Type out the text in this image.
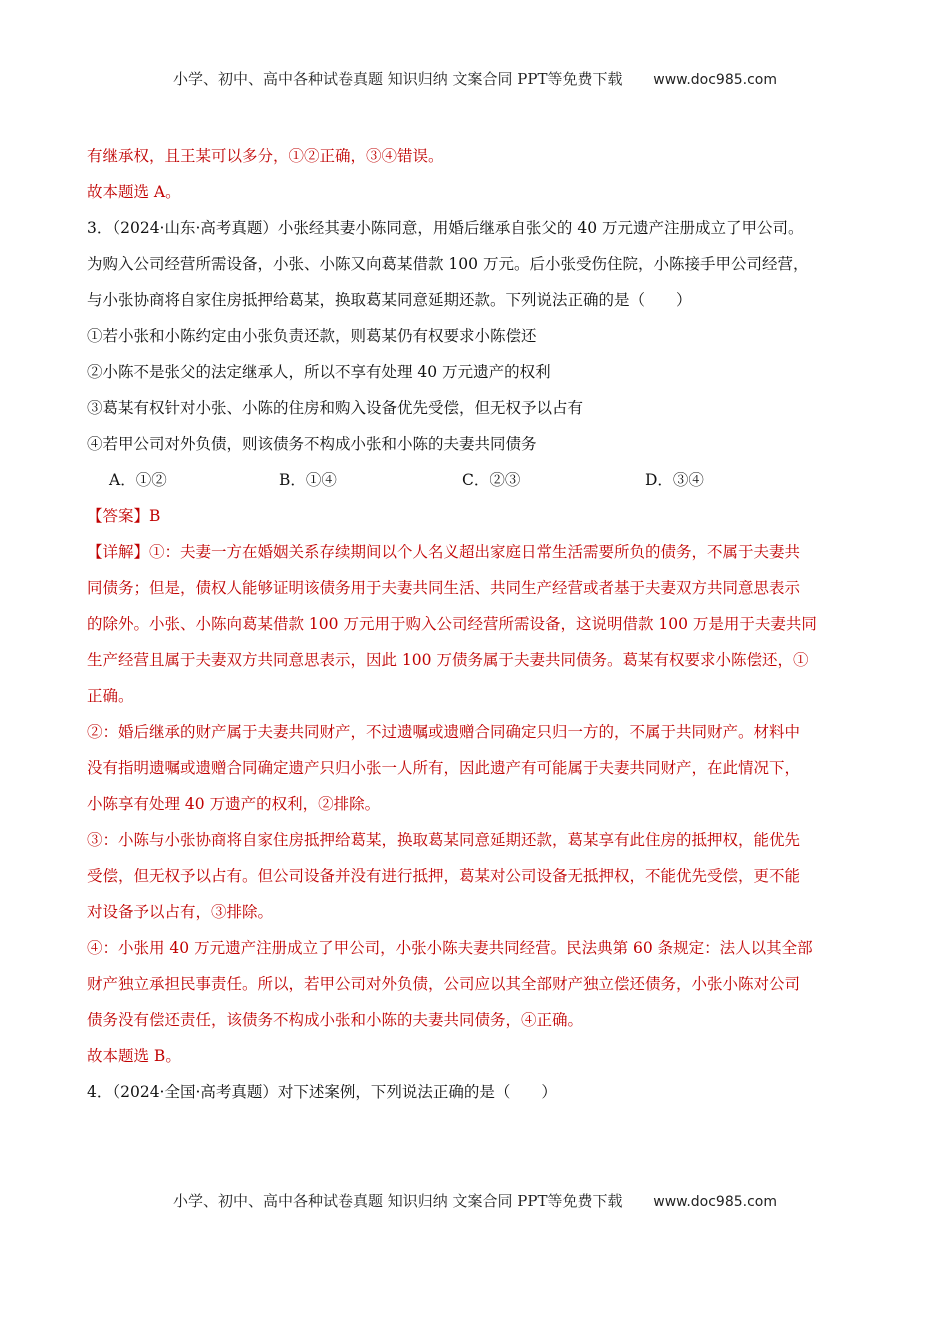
小学、初中、高中各种试卷真题 知识归纳 文案合同 PPT等免费下载 www.doc985.com

有继承权，且王某可以多分，①②正确，③④错误。

故本题选 A。

3．（2024·山东·高考真题）小张经其妻小陈同意，用婚后继承自张父的 40 万元遗产注册成立了甲公司。

为购入公司经营所需设备，小张、小陈又向葛某借款 100 万元。后小张受伤住院，小陈接手甲公司经营，

与小张协商将自家住房抵押给葛某，换取葛某同意延期还款。下列说法正确的是（　　）

①若小张和小陈约定由小张负责还款，则葛某仍有权要求小陈偿还

②小陈不是张父的法定继承人，所以不享有处理 40 万元遗产的权利

③葛某有权针对小张、小陈的住房和购入设备优先受偿，但无权予以占有

④若甲公司对外负债，则该债务不构成小张和小陈的夫妻共同债务

A．①②	B．①④	C．②③	D．③④

【答案】B

【详解】①：夫妻一方在婚姻关系存续期间以个人名义超出家庭日常生活需要所负的债务，不属于夫妻共

同债务；但是，债权人能够证明该债务用于夫妻共同生活、共同生产经营或者基于夫妻双方共同意思表示

的除外。小张、小陈向葛某借款 100 万元用于购入公司经营所需设备，这说明借款 100 万是用于夫妻共同

生产经营且属于夫妻双方共同意思表示，因此 100 万债务属于夫妻共同债务。葛某有权要求小陈偿还，①

正确。

②：婚后继承的财产属于夫妻共同财产，不过遗嘱或遗赠合同确定只归一方的，不属于共同财产。材料中

没有指明遗嘱或遗赠合同确定遗产只归小张一人所有，因此遗产有可能属于夫妻共同财产，在此情况下，

小陈享有处理 40 万遗产的权利，②排除。

③：小陈与小张协商将自家住房抵押给葛某，换取葛某同意延期还款，葛某享有此住房的抵押权，能优先

受偿，但无权予以占有。但公司设备并没有进行抵押，葛某对公司设备无抵押权，不能优先受偿，更不能

对设备予以占有，③排除。

④：小张用 40 万元遗产注册成立了甲公司，小张小陈夫妻共同经营。民法典第 60 条规定：法人以其全部

财产独立承担民事责任。所以，若甲公司对外负债，公司应以其全部财产独立偿还债务，小张小陈对公司

债务没有偿还责任，该债务不构成小张和小陈的夫妻共同债务，④正确。

故本题选 B。

4．（2024·全国·高考真题）对下述案例，下列说法正确的是（　　）

小学、初中、高中各种试卷真题 知识归纳 文案合同 PPT等免费下载 www.doc985.com
